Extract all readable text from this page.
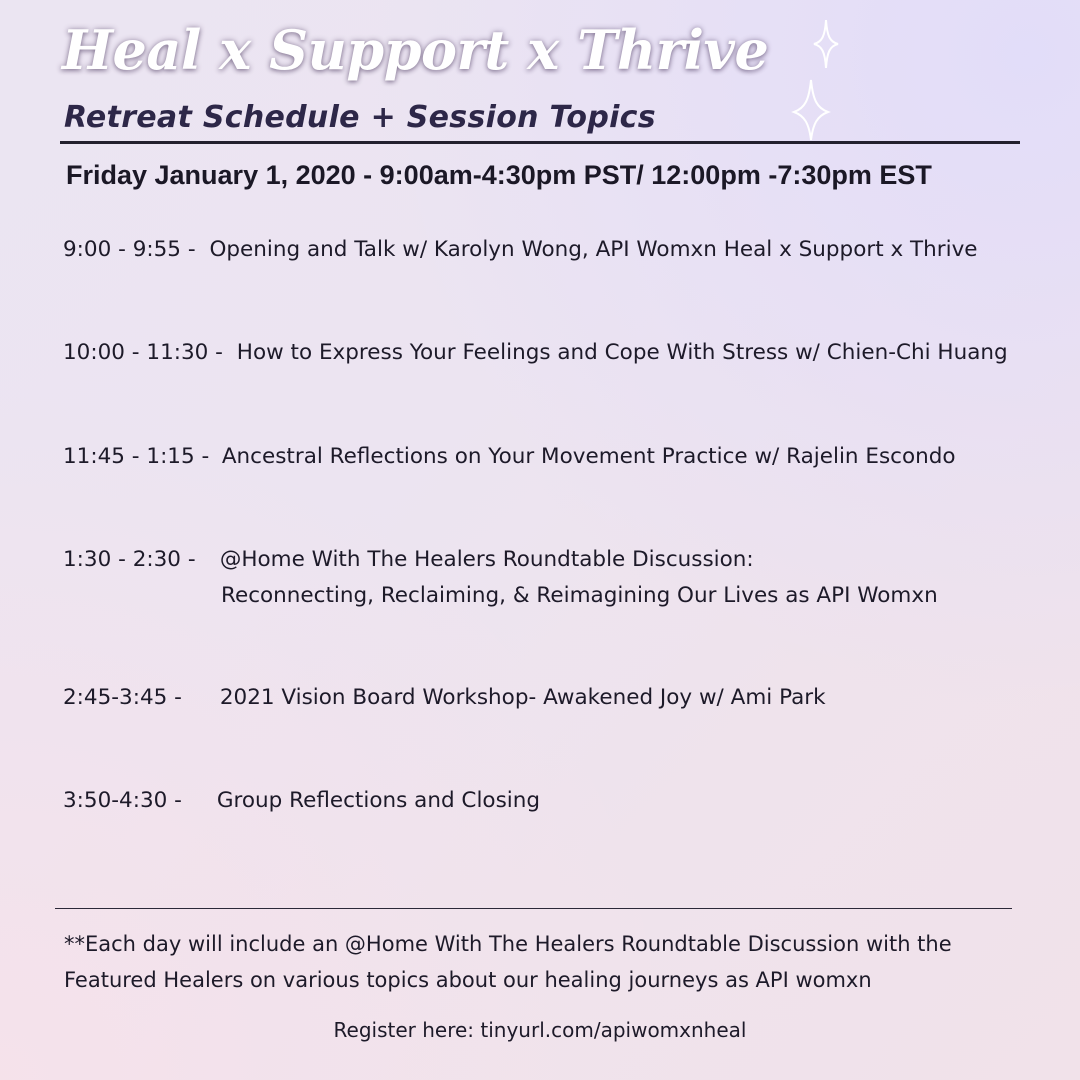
Heal x Support x Thrive
Retreat Schedule + Session Topics
Friday January 1, 2020 - 9:00am-4:30pm PST/ 12:00pm -7:30pm EST
9:00 - 9:55 - Opening and Talk w/ Karolyn Wong, API Womxn Heal x Support x Thrive
10:00 - 11:30 - How to Express Your Feelings and Cope With Stress w/ Chien-Chi Huang
11:45 - 1:15 - Ancestral Reflections on Your Movement Practice w/ Rajelin Escondo
1:30 - 2:30 - @Home With The Healers Roundtable Discussion:
Reconnecting, Reclaiming, & Reimagining Our Lives as API Womxn
2:45-3:45 - 2021 Vision Board Workshop- Awakened Joy w/ Ami Park
3:50-4:30 - Group Reflections and Closing

**Each day will include an @Home With The Healers Roundtable Discussion with the Featured Healers on various topics about our healing journeys as API womxn

Register here: tinyurl.com/apiwomxnheal
